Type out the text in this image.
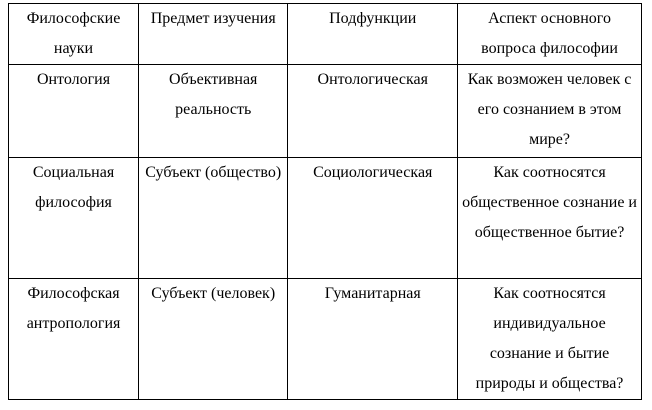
Философские науки	Предмет изучения	Подфункции	Аспект основного вопроса философии

Онтология	Объективная реальность	Онтологическая	Как возможен человек с его сознанием в этом мире?

Социальная философия	Субъект (общество)	Социологическая	Как соотносятся общественное сознание и общественное бытие?

Философская антропология	Субъект (человек)	Гуманитарная	Как соотносятся индивидуальное сознание и бытие природы и общества?
